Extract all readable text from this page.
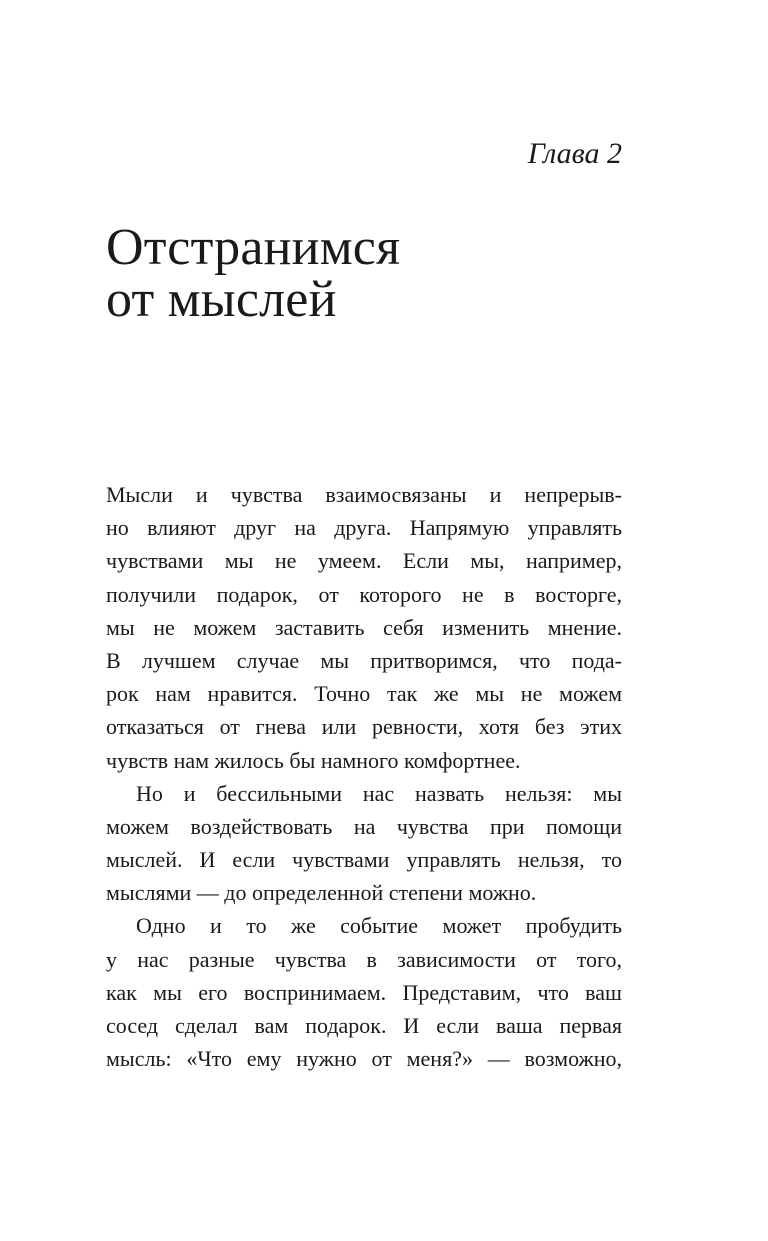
Глава 2
Отстранимся
от мыслей

Мысли и чувства взаимосвязаны и непрерыв-
но влияют друг на друга. Напрямую управлять
чувствами мы не умеем. Если мы, например,
получили подарок, от которого не в восторге,
мы не можем заставить себя изменить мнение.
В лучшем случае мы притворимся, что пода-
рок нам нравится. Точно так же мы не можем
отказаться от гнева или ревности, хотя без этих
чувств нам жилось бы намного комфортнее.

Но и бессильными нас назвать нельзя: мы
можем воздействовать на чувства при помощи
мыслей. И если чувствами управлять нельзя, то
мыслями — до определенной степени можно.

Одно и то же событие может пробудить
у нас разные чувства в зависимости от того,
как мы его воспринимаем. Представим, что ваш
сосед сделал вам подарок. И если ваша первая
мысль: «Что ему нужно от меня?» — возможно,
